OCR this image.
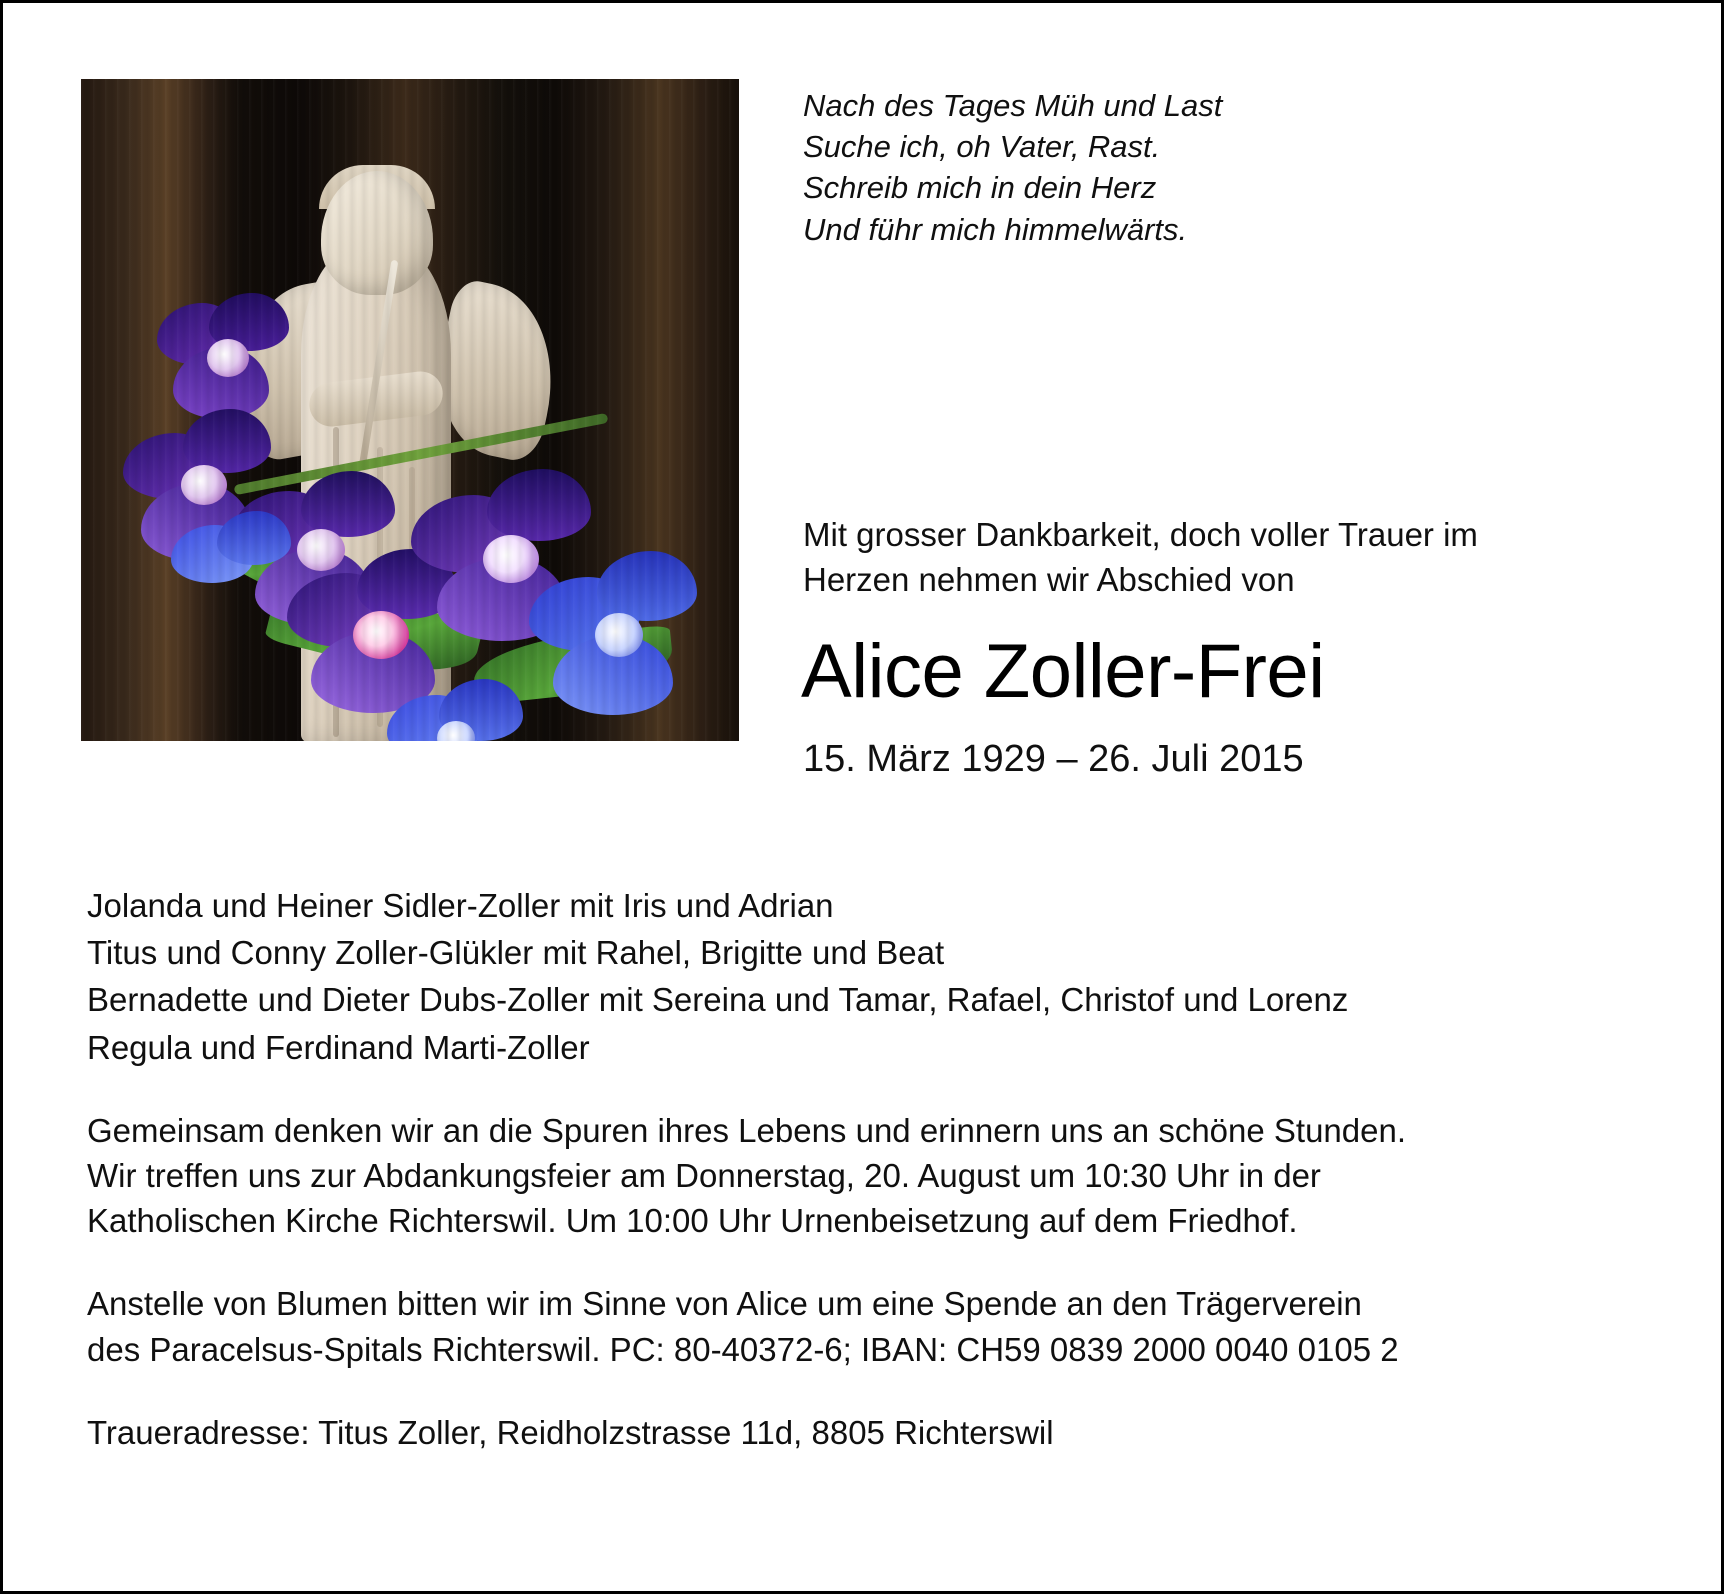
Nach des Tages Müh und Last
Suche ich, oh Vater, Rast.
Schreib mich in dein Herz
Und führ mich himmelwärts.
Mit grosser Dankbarkeit, doch voller Trauer im
Herzen nehmen wir Abschied von
Alice Zoller-Frei
15. März 1929 – 26. Juli 2015
Jolanda und Heiner Sidler-Zoller mit Iris und Adrian
Titus und Conny Zoller-Glükler mit Rahel, Brigitte und Beat
Bernadette und Dieter Dubs-Zoller mit Sereina und Tamar, Rafael, Christof und Lorenz
Regula und Ferdinand Marti-Zoller
Gemeinsam denken wir an die Spuren ihres Lebens und erinnern uns an schöne Stunden.
Wir treffen uns zur Abdankungsfeier am Donnerstag, 20. August um 10:30 Uhr in der
Katholischen Kirche Richterswil. Um 10:00 Uhr Urnenbeisetzung auf dem Friedhof.
Anstelle von Blumen bitten wir im Sinne von Alice um eine Spende an den Trägerverein
des Paracelsus-Spitals Richterswil. PC: 80-40372-6; IBAN: CH59 0839 2000 0040 0105 2
Traueradresse: Titus Zoller, Reidholzstrasse 11d, 8805 Richterswil
